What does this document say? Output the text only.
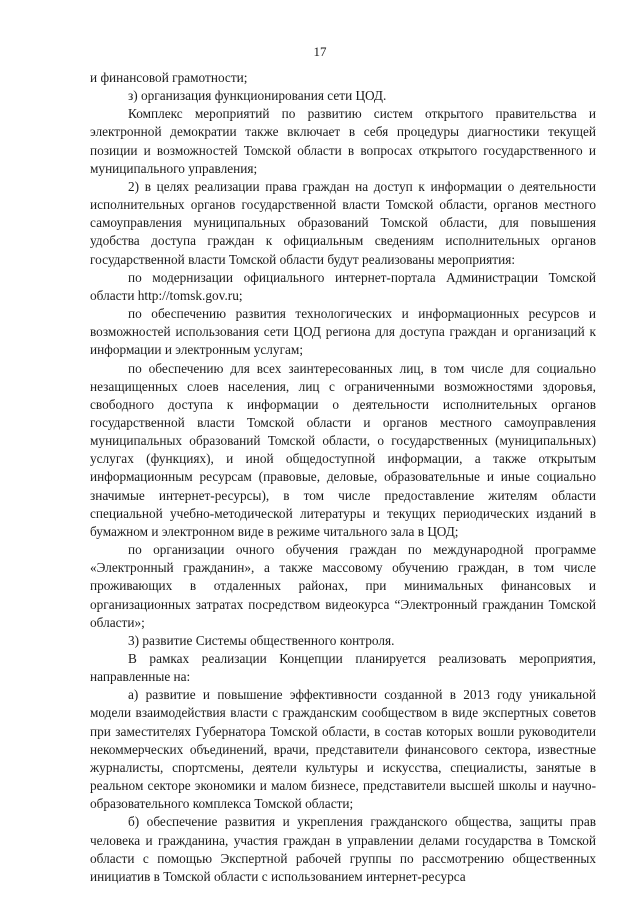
17

и финансовой грамотности;

з) организация функционирования сети ЦОД.

Комплекс мероприятий по развитию систем открытого правительства и электронной демократии также включает в себя процедуры диагностики текущей позиции и возможностей Томской области в вопросах открытого государственного и муниципального управления;

2) в целях реализации права граждан на доступ к информации о деятельности исполнительных органов государственной власти Томской области, органов местного самоуправления муниципальных образований Томской области, для повышения удобства доступа граждан к официальным сведениям исполнительных органов государственной власти Томской области будут реализованы мероприятия:

по модернизации официального интернет-портала Администрации Томской области http://tomsk.gov.ru;

по обеспечению развития технологических и информационных ресурсов и возможностей использования сети ЦОД региона для доступа граждан и организаций к информации и электронным услугам;

по обеспечению для всех заинтересованных лиц, в том числе для социально незащищенных слоев населения, лиц с ограниченными возможностями здоровья, свободного доступа к информации о деятельности исполнительных органов государственной власти Томской области и органов местного самоуправления муниципальных образований Томской области, о государственных (муниципальных) услугах (функциях), и иной общедоступной информации, а также открытым информационным ресурсам (правовые, деловые, образовательные и иные социально значимые интернет-ресурсы), в том числе предоставление жителям области специальной учебно-методической литературы и текущих периодических изданий в бумажном и электронном виде в режиме читального зала в ЦОД;

по организации очного обучения граждан по международной программе «Электронный гражданин», а также массовому обучению граждан, в том числе проживающих в отдаленных районах, при минимальных финансовых и организационных затратах посредством видеокурса “Электронный гражданин Томской области»;

3) развитие Системы общественного контроля.

В рамках реализации Концепции планируется реализовать мероприятия, направленные на:

а) развитие и повышение эффективности созданной в 2013 году уникальной модели взаимодействия власти с гражданским сообществом в виде экспертных советов при заместителях Губернатора Томской области, в состав которых вошли руководители некоммерческих объединений, врачи, представители финансового сектора, известные журналисты, спортсмены, деятели культуры и искусства, специалисты, занятые в реальном секторе экономики и малом бизнесе, представители высшей школы и научно-образовательного комплекса Томской области;

б) обеспечение развития и укрепления гражданского общества, защиты прав человека и гражданина, участия граждан в управлении делами государства в Томской области с помощью Экспертной рабочей группы по рассмотрению общественных инициатив в Томской области с использованием интернет-ресурса
